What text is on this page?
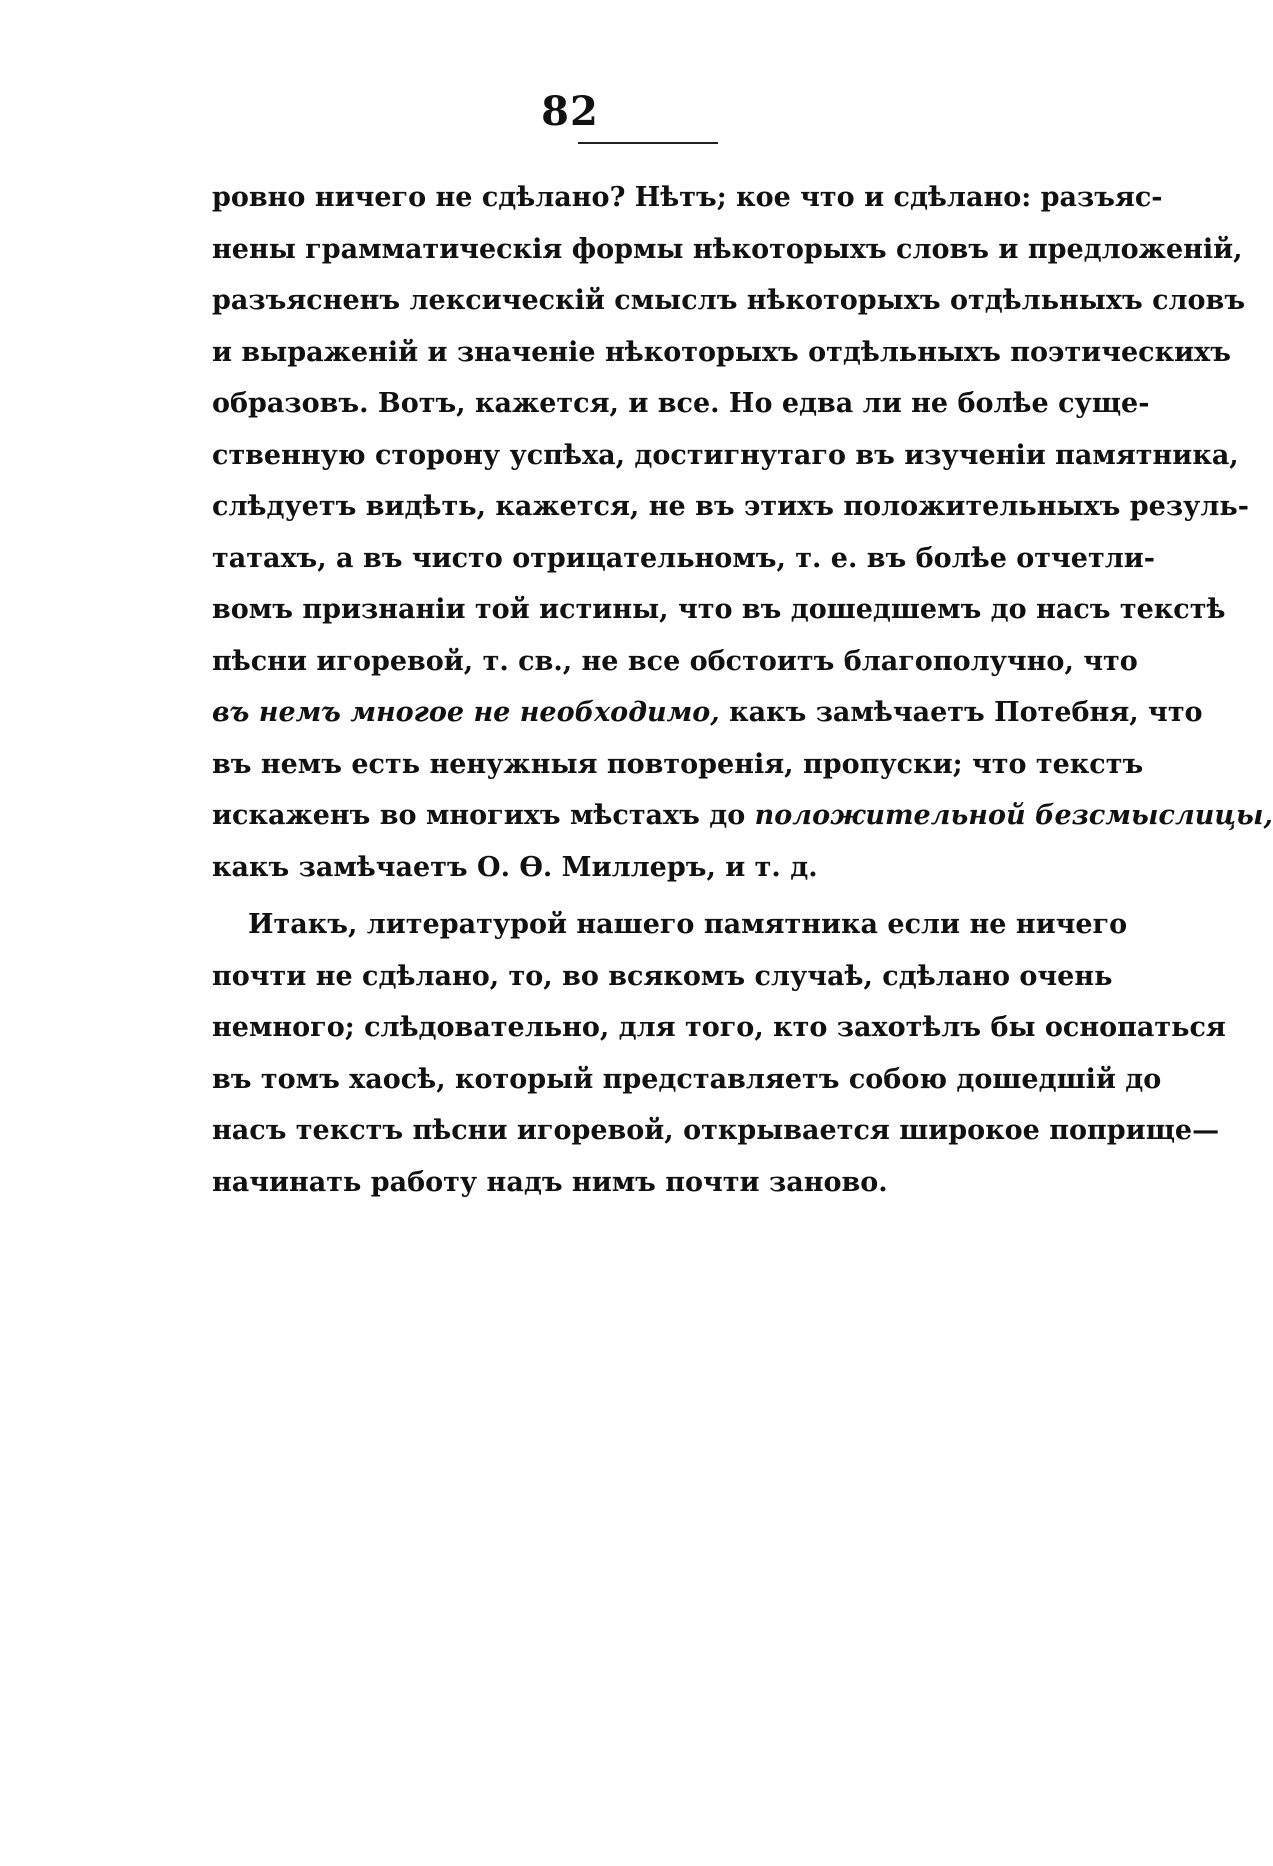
82
ровно ничего не сдѣлано? Нѣтъ; кое что и сдѣлано: разъяс-
нены грамматическія формы нѣкоторыхъ словъ и предложеній,
разъясненъ лексическій смыслъ нѣкоторыхъ отдѣльныхъ словъ
и выраженій и значеніе нѣкоторыхъ отдѣльныхъ поэтическихъ
образовъ. Вотъ, кажется, и все. Но едва ли не болѣе суще-
ственную сторону успѣха, достигнутаго въ изученіи памятника,
слѣдуетъ видѣть, кажется, не въ этихъ положительныхъ резуль-
татахъ, а въ чисто отрицательномъ, т. е. въ болѣе отчетли-
вомъ признаніи той истины, что въ дошедшемъ до насъ текстѣ
пѣсни игоревой, т. св., не все обстоитъ благополучно, что
въ немъ многое не необходимо, какъ замѣчаетъ Потебня, что
въ немъ есть ненужныя повторенія, пропуски; что текстъ
искаженъ во многихъ мѣстахъ до положительной безсмыслицы,
какъ замѣчаетъ О. Ѳ. Миллеръ, и т. д.
Итакъ, литературой нашего памятника если не ничего
почти не сдѣлано, то, во всякомъ случаѣ, сдѣлано очень
немного; слѣдовательно, для того, кто захотѣлъ бы оснопаться
въ томъ хаосѣ, который представляетъ собою дошедшій до
насъ текстъ пѣсни игоревой, открывается широкое поприще—
начинать работу надъ нимъ почти заново.
